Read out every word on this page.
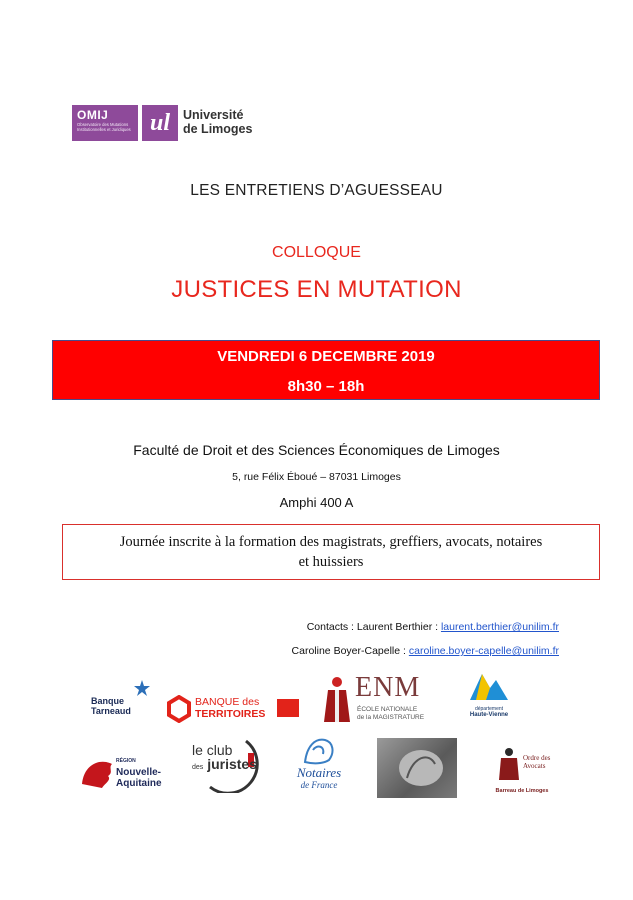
OMIJ
Observatoire des Mutations Institutionnelles et Juridiques ul	Université
de Limoges
LES ENTRETIENS D’AGUESSEAU
COLLOQUE
JUSTICES EN MUTATION
VENDREDI 6 DECEMBRE 2019
8h30 – 18h
Faculté de Droit et des Sciences Économiques de Limoges
5, rue Félix Éboué – 87031 Limoges
Amphi 400 A
Journée inscrite à la formation des magistrats, greffiers, avocats, notaires
et huissiers
Contacts : Laurent Berthier : laurent.berthier@unilim.fr
Caroline Boyer-Capelle : caroline.boyer-capelle@unilim.fr
Banque
Tarneaud
BANQUE des
TERRITOIRES
ENM
ÉCOLE NATIONALE
de la MAGISTRATURE
département
Haute-Vienne
RÉGION
Nouvelle-
Aquitaine
le club
des juristes
Notaires
de France
Ordre des
Avocats
Barreau de Limoges
